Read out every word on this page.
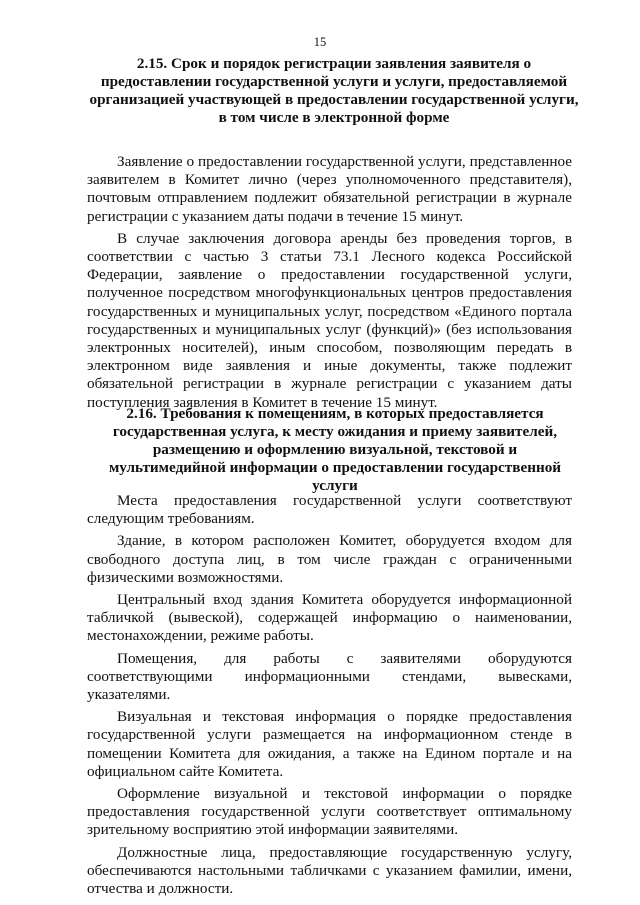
15
2.15. Срок и порядок регистрации заявления заявителя о предоставлении государственной услуги и услуги, предоставляемой организацией участвующей в предоставлении государственной услуги, в том числе в электронной форме

Заявление о предоставлении государственной услуги, представленное заявителем в Комитет лично (через уполномоченного представителя), почтовым отправлением подлежит обязательной регистрации в журнале регистрации с указанием даты подачи в течение 15 минут.

В случае заключения договора аренды без проведения торгов, в соответствии с частью 3 статьи 73.1 Лесного кодекса Российской Федерации, заявление о предоставлении государственной услуги, полученное посредством многофункциональных центров предоставления государственных и муниципальных услуг, посредством «Единого портала государственных и муниципальных услуг (функций)» (без использования электронных носителей), иным способом, позволяющим передать в электронном виде заявления и иные документы, также подлежит обязательной регистрации в журнале регистрации с указанием даты поступления заявления в Комитет в течение 15 минут.

2.16. Требования к помещениям, в которых предоставляется государственная услуга, к месту ожидания и приему заявителей, размещению и оформлению визуальной, текстовой и мультимедийной информации о предоставлении государственной услуги

Места предоставления государственной услуги соответствуют следующим требованиям.

Здание, в котором расположен Комитет, оборудуется входом для свободного доступа лиц, в том числе граждан с ограниченными физическими возможностями.

Центральный вход здания Комитета оборудуется информационной табличкой (вывеской), содержащей информацию о наименовании, местонахождении, режиме работы.

Помещения, для работы с заявителями оборудуются соответствующими информационными стендами, вывесками, указателями.

Визуальная и текстовая информация о порядке предоставления государственной услуги размещается на информационном стенде в помещении Комитета для ожидания, а также на Едином портале и на официальном сайте Комитета.

Оформление визуальной и текстовой информации о порядке предоставления государственной услуги соответствует оптимальному зрительному восприятию этой информации заявителями.

Должностные лица, предоставляющие государственную услугу, обеспечиваются настольными табличками с указанием фамилии, имени, отчества и должности.
